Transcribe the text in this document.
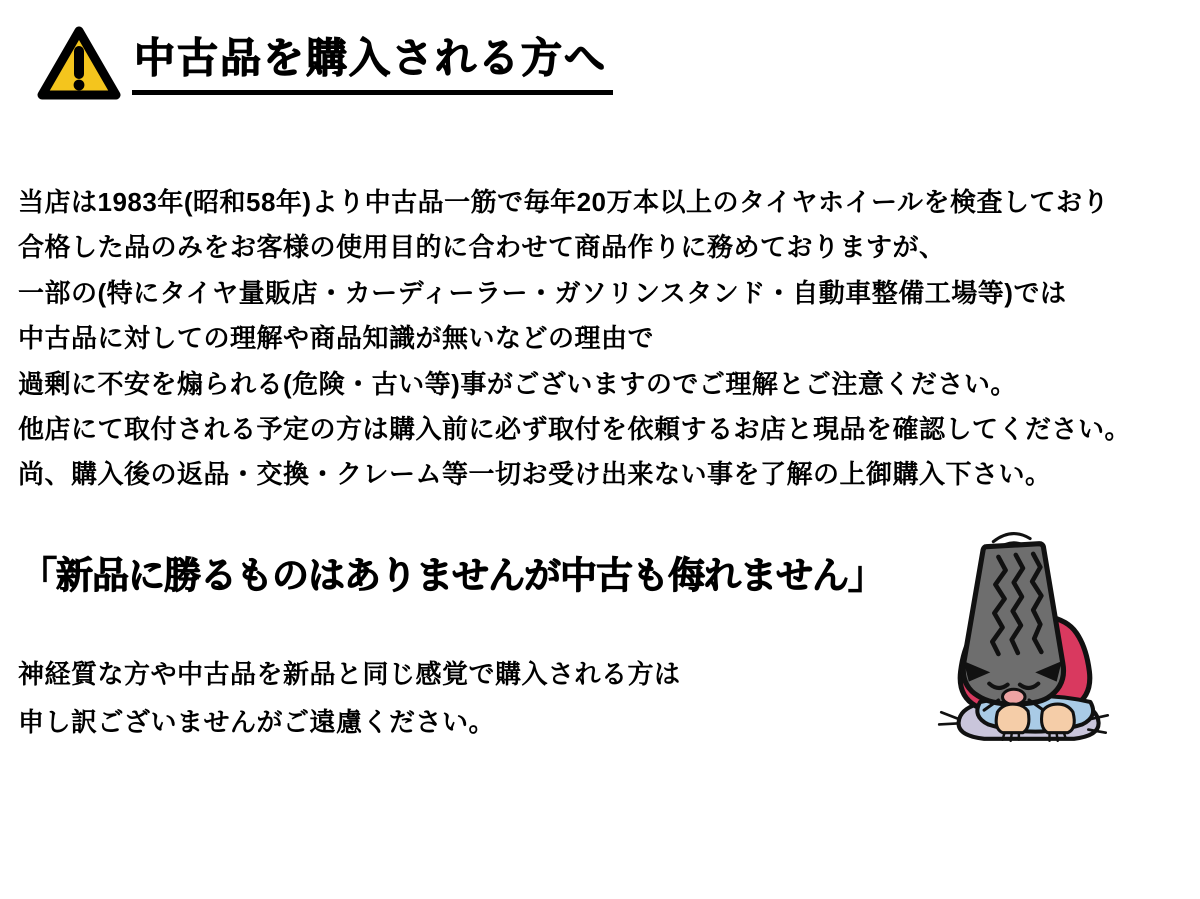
中古品を購入される方へ

当店は1983年(昭和58年)より中古品一筋で毎年20万本以上のタイヤホイールを検査しており

合格した品のみをお客様の使用目的に合わせて商品作りに務めておりますが、

一部の(特にタイヤ量販店・カーディーラー・ガソリンスタンド・自動車整備工場等)では

中古品に対しての理解や商品知識が無いなどの理由で

過剰に不安を煽られる(危険・古い等)事がございますのでご理解とご注意ください。

他店にて取付される予定の方は購入前に必ず取付を依頼するお店と現品を確認してください。

尚、購入後の返品・交換・クレーム等一切お受け出来ない事を了解の上御購入下さい。

「新品に勝るものはありませんが中古も侮れません」

神経質な方や中古品を新品と同じ感覚で購入される方は

申し訳ございませんがご遠慮ください。
